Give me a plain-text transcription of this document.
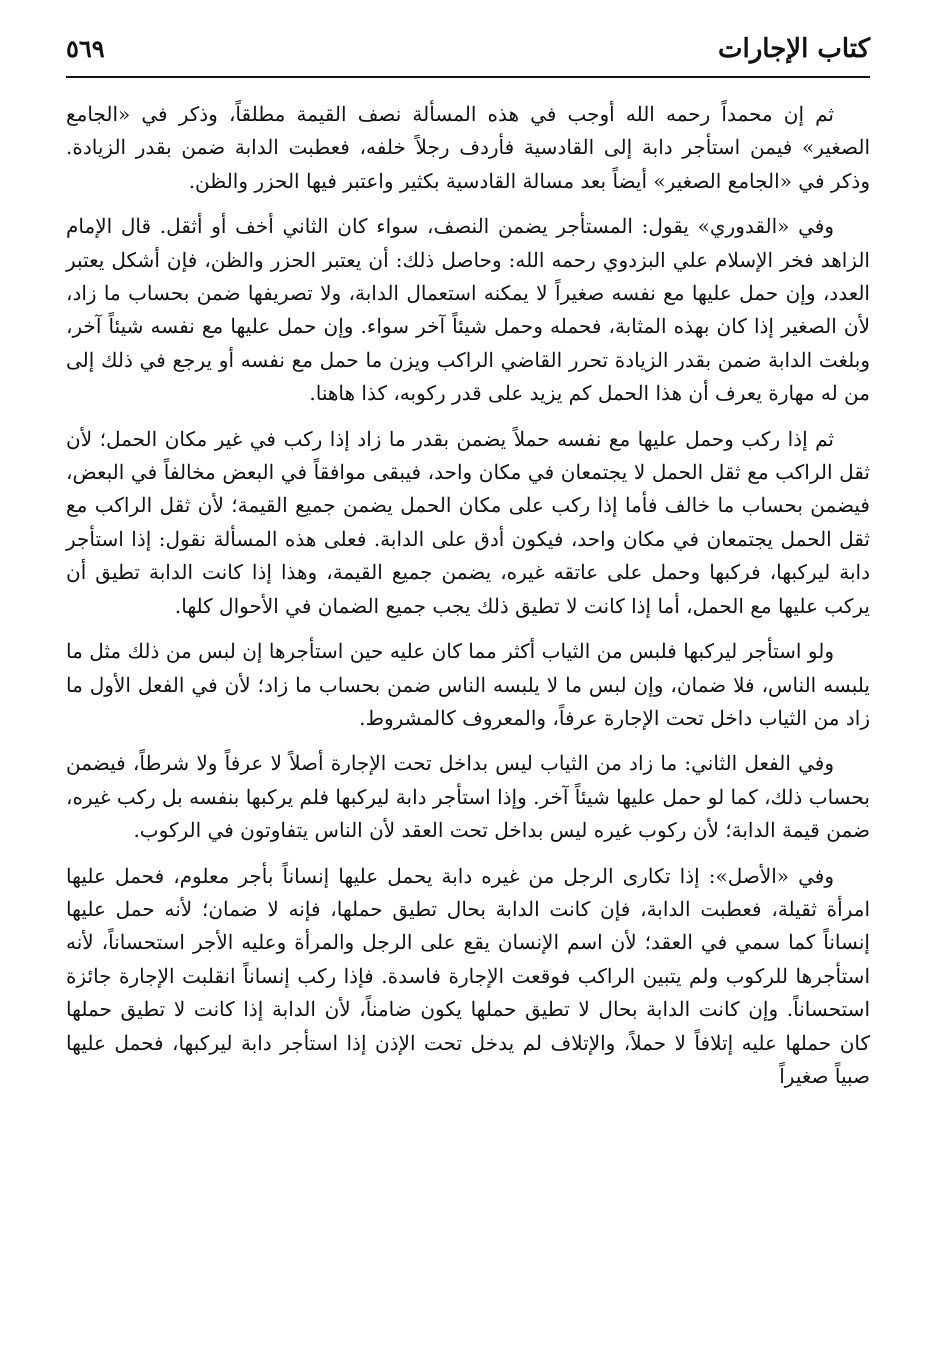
٥٦٩	كتاب الإجارات

ثم إن محمداً رحمه الله أوجب في هذه المسألة نصف القيمة مطلقاً، وذكر في «الجامع الصغير» فيمن استأجر دابة إلى القادسية فأردف رجلاً خلفه، فعطبت الدابة ضمن بقدر الزيادة. وذكر في «الجامع الصغير» أيضاً بعد مسالة القادسية بكثير واعتبر فيها الحزر والظن.

وفي «القدوري» يقول: المستأجر يضمن النصف، سواء كان الثاني أخف أو أثقل. قال الإمام الزاهد فخر الإسلام علي البزدوي رحمه الله: وحاصل ذلك: أن يعتبر الحزر والظن، فإن أشكل يعتبر العدد، وإن حمل عليها مع نفسه صغيراً لا يمكنه استعمال الدابة، ولا تصريفها ضمن بحساب ما زاد، لأن الصغير إذا كان بهذه المثابة، فحمله وحمل شيئاً آخر سواء. وإن حمل عليها مع نفسه شيئاً آخر، وبلغت الدابة ضمن بقدر الزيادة تحرر القاضي الراكب ويزن ما حمل مع نفسه أو يرجع في ذلك إلى من له مهارة يعرف أن هذا الحمل كم يزيد على قدر ركوبه، كذا هاهنا.

ثم إذا ركب وحمل عليها مع نفسه حملاً يضمن بقدر ما زاد إذا ركب في غير مكان الحمل؛ لأن ثقل الراكب مع ثقل الحمل لا يجتمعان في مكان واحد، فيبقى موافقاً في البعض مخالفاً في البعض، فيضمن بحساب ما خالف فأما إذا ركب على مكان الحمل يضمن جميع القيمة؛ لأن ثقل الراكب مع ثقل الحمل يجتمعان في مكان واحد، فيكون أدق على الدابة. فعلى هذه المسألة نقول: إذا استأجر دابة ليركبها، فركبها وحمل على عاتقه غيره، يضمن جميع القيمة، وهذا إذا كانت الدابة تطيق أن يركب عليها مع الحمل، أما إذا كانت لا تطيق ذلك يجب جميع الضمان في الأحوال كلها.

ولو استأجر ليركبها فلبس من الثياب أكثر مما كان عليه حين استأجرها إن لبس من ذلك مثل ما يلبسه الناس، فلا ضمان، وإن لبس ما لا يلبسه الناس ضمن بحساب ما زاد؛ لأن في الفعل الأول ما زاد من الثياب داخل تحت الإجارة عرفاً، والمعروف كالمشروط.

وفي الفعل الثاني: ما زاد من الثياب ليس بداخل تحت الإجارة أصلاً لا عرفاً ولا شرطاً، فيضمن بحساب ذلك، كما لو حمل عليها شيئاً آخر. وإذا استأجر دابة ليركبها فلم يركبها بنفسه بل ركب غيره، ضمن قيمة الدابة؛ لأن ركوب غيره ليس بداخل تحت العقد لأن الناس يتفاوتون في الركوب.

وفي «الأصل»: إذا تكارى الرجل من غيره دابة يحمل عليها إنساناً بأجر معلوم، فحمل عليها امرأة ثقيلة، فعطبت الدابة، فإن كانت الدابة بحال تطيق حملها، فإنه لا ضمان؛ لأنه حمل عليها إنساناً كما سمي في العقد؛ لأن اسم الإنسان يقع على الرجل والمرأة وعليه الأجر استحساناً، لأنه استأجرها للركوب ولم يتبين الراكب فوقعت الإجارة فاسدة. فإذا ركب إنساناً انقلبت الإجارة جائزة استحساناً. وإن كانت الدابة بحال لا تطيق حملها يكون ضامناً، لأن الدابة إذا كانت لا تطيق حملها كان حملها عليه إتلافاً لا حملاً، والإتلاف لم يدخل تحت الإذن إذا استأجر دابة ليركبها، فحمل عليها صبياً صغيراً
